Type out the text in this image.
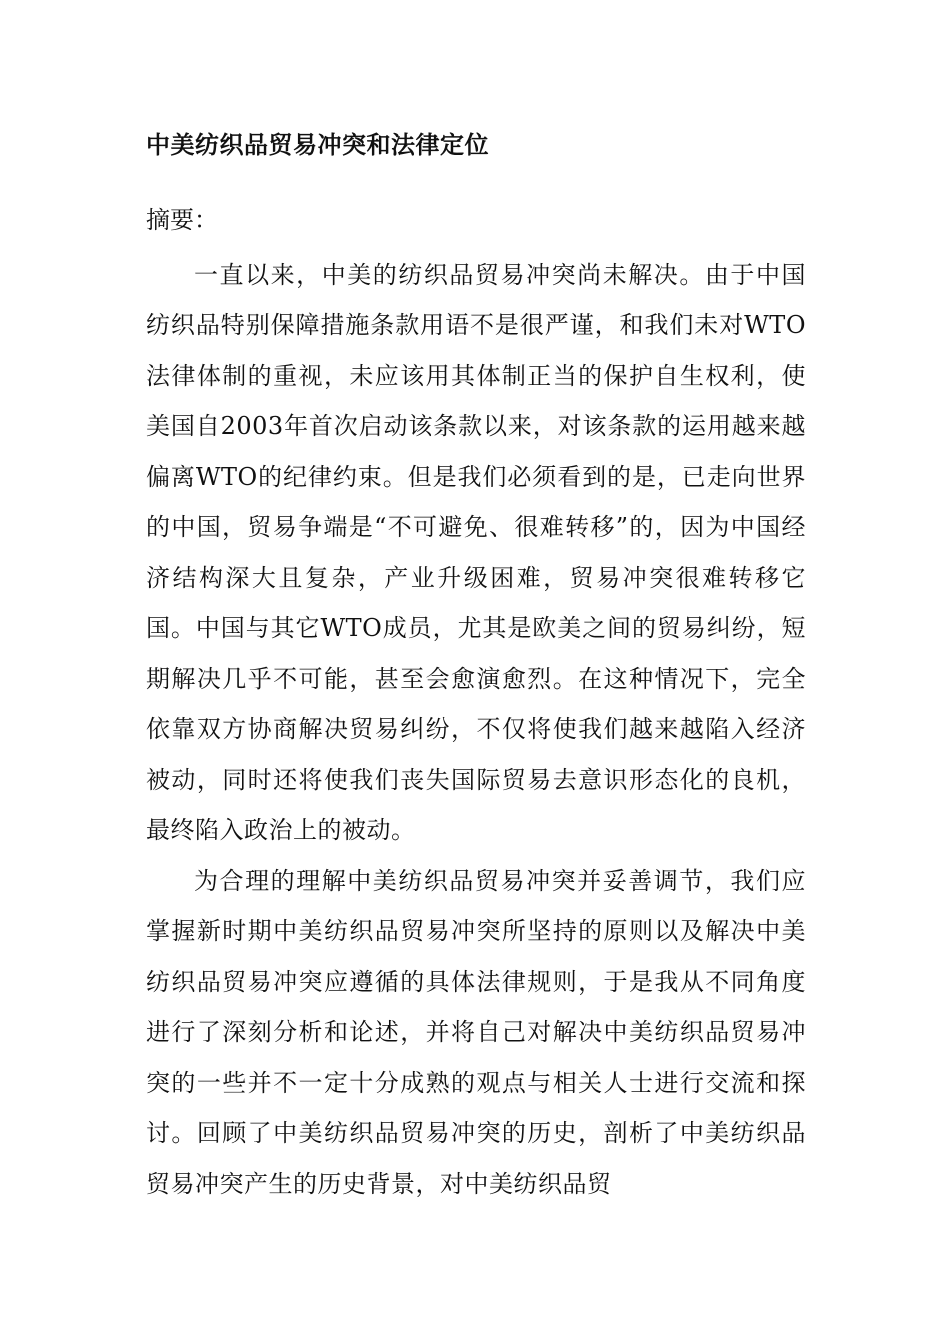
中美纺织品贸易冲突和法律定位
摘要：

一直以来，中美的纺织品贸易冲突尚未解决。由于中国纺织品特别保障措施条款用语不是很严谨，和我们未对WTO法律体制的重视，未应该用其体制正当的保护自生权利，使美国自2003年首次启动该条款以来，对该条款的运用越来越偏离WTO的纪律约束。但是我们必须看到的是，已走向世界的中国，贸易争端是“不可避免、很难转移”的，因为中国经济结构深大且复杂，产业升级困难，贸易冲突很难转移它国。中国与其它WTO成员，尤其是欧美之间的贸易纠纷，短期解决几乎不可能，甚至会愈演愈烈。在这种情况下，完全依靠双方协商解决贸易纠纷，不仅将使我们越来越陷入经济被动，同时还将使我们丧失国际贸易去意识形态化的良机，最终陷入政治上的被动。

为合理的理解中美纺织品贸易冲突并妥善调节，我们应掌握新时期中美纺织品贸易冲突所坚持的原则以及解决中美纺织品贸易冲突应遵循的具体法律规则，于是我从不同角度进行了深刻分析和论述，并将自己对解决中美纺织品贸易冲突的一些并不一定十分成熟的观点与相关人士进行交流和探讨。回顾了中美纺织品贸易冲突的历史，剖析了中美纺织品贸易冲突产生的历史背景，对中美纺织品贸
